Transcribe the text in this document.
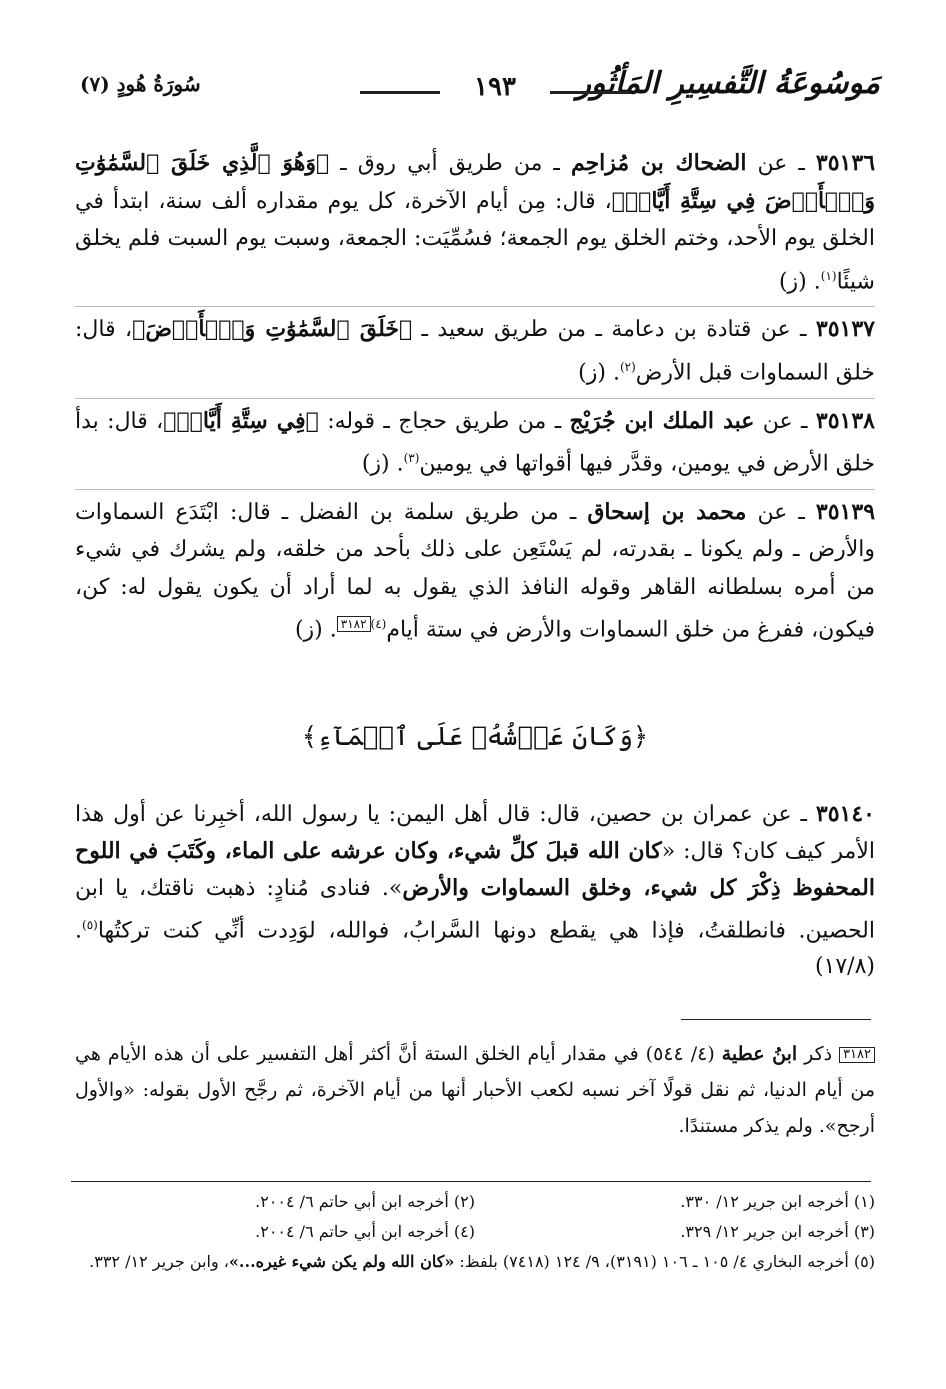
مَوسُوعَةُ التَّفسِيرِ المَأثُور
١٩٣
سُورَةُ هُودٍ (٧)

٣٥١٣٦ ـ عن الضحاك بن مُزاحِم ـ من طريق أبي روق ـ ﴿وَهُوَ ٱلَّذِي خَلَقَ ٱلسَّمَٰوَٰتِ وَٱلۡأَرۡضَ فِي سِتَّةِ أَيَّامٖ﴾، قال: مِن أيام الآخرة، كل يوم مقداره ألف سنة، ابتدأ في الخلق يوم الأحد، وختم الخلق يوم الجمعة؛ فسُمِّيَت: الجمعة، وسبت يوم السبت فلم يخلق شيئًا$^{(١)}$. (ز)

٣٥١٣٧ ـ عن قتادة بن دعامة ـ من طريق سعيد ـ ﴿خَلَقَ ٱلسَّمَٰوَٰتِ وَٱلۡأَرۡضَ﴾، قال: خلق السماوات قبل الأرض$^{(٢)}$. (ز)

٣٥١٣٨ ـ عن عبد الملك ابن جُرَيْج ـ من طريق حجاج ـ قوله: ﴿فِي سِتَّةِ أَيَّامٖ﴾، قال: بدأ خلق الأرض في يومين، وقدَّر فيها أقواتها في يومين$^{(٣)}$. (ز)

٣٥١٣٩ ـ عن محمد بن إسحاق ـ من طريق سلمة بن الفضل ـ قال: ابْتَدَع السماوات والأرض ـ ولم يكونا ـ بقدرته، لم يَسْتَعِن على ذلك بأحد من خلقه، ولم يشرك في شيء من أمره بسلطانه القاهر وقوله النافذ الذي يقول به لما أراد أن يكون يقول له: كن، فيكون، ففرغ من خلق السماوات والأرض في ستة أيام$^{(٤)}$٣١٨٢. (ز)

﴿وَكَانَ عَرۡشُهُۥ عَلَى ٱلۡمَآءِ﴾
٣٥١٤٠ ـ عن عمران بن حصين، قال: قال أهل اليمن: يا رسول الله، أخبِرنا عن أول هذا الأمر كيف كان؟ قال: «كان الله قبلَ كلِّ شيء، وكان عرشه على الماء، وكَتَبَ في اللوح المحفوظ ذِكْرَ كل شيء، وخلق السماوات والأرض». فنادى مُنادٍ: ذهبت ناقتك، يا ابن الحصين. فانطلقتُ، فإذا هي يقطع دونها السَّرابُ، فوالله، لوَدِدت أنِّي كنت تركتُها$^{(٥)}$. (١٧/٨)
٣١٨٢ ذكر ابنُ عطية (٤/ ٥٤٤) في مقدار أيام الخلق الستة أنَّ أكثر أهل التفسير على أن هذه الأيام هي من أيام الدنيا، ثم نقل قولًا آخر نسبه لكعب الأحبار أنها من أيام الآخرة، ثم رجَّح الأول بقوله: «والأول أرجح». ولم يذكر مستندًا.
(١) أخرجه ابن جرير ١٢/ ٣٣٠.
(٢) أخرجه ابن أبي حاتم ٦/ ٢٠٠٤.
(٣) أخرجه ابن جرير ١٢/ ٣٢٩.
(٤) أخرجه ابن أبي حاتم ٦/ ٢٠٠٤.
(٥) أخرجه البخاري ٤/ ١٠٥ ـ ١٠٦ (٣١٩١)، ٩/ ١٢٤ (٧٤١٨) بلفظ: «كان الله ولم يكن شيء غيره...»، وابن جرير ١٢/ ٣٣٢.
